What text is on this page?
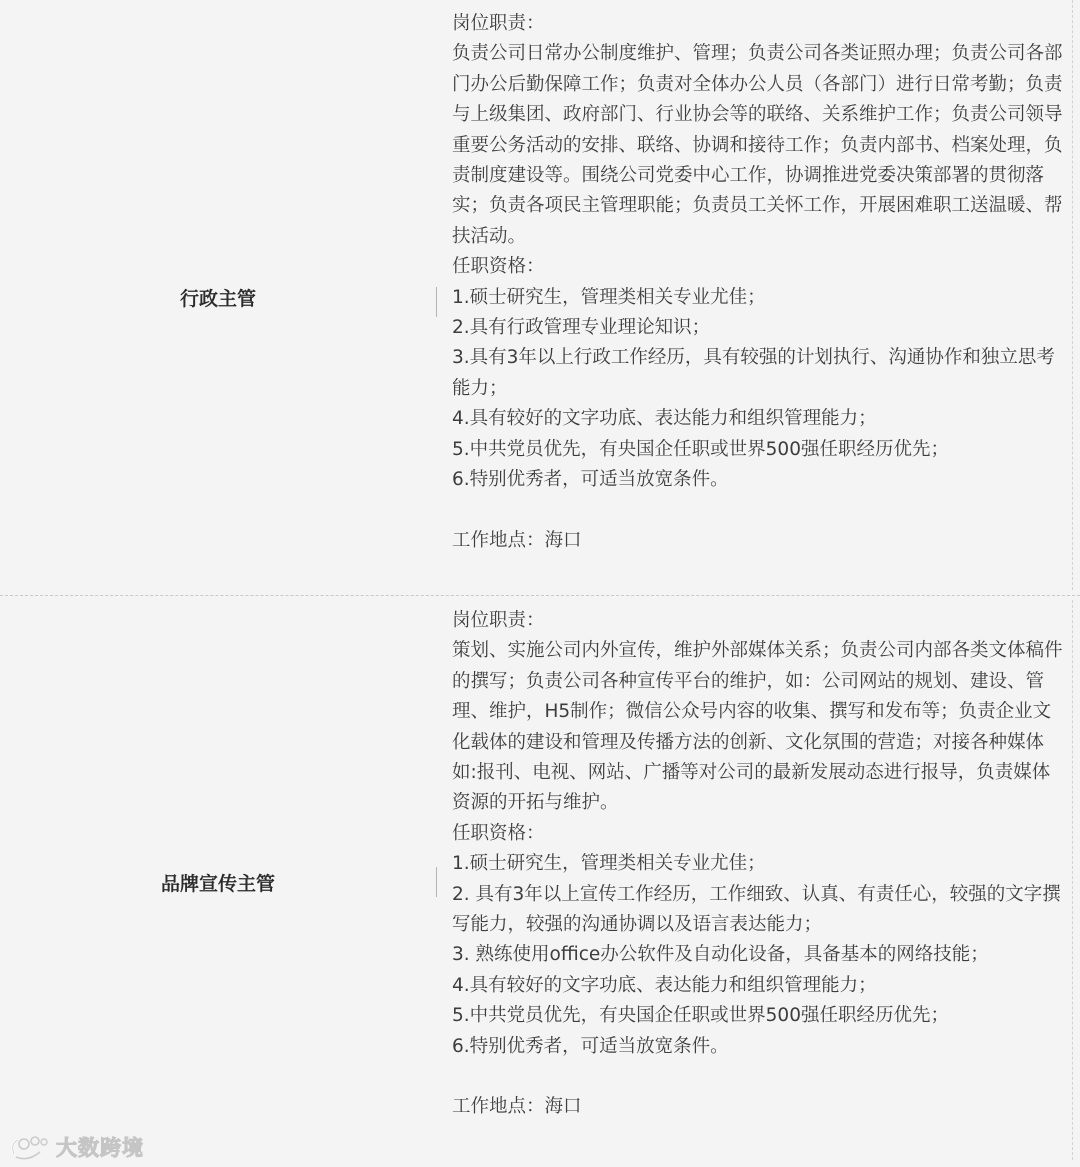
行政主管

岗位职责：

负责公司日常办公制度维护、管理；负责公司各类证照办理；负责公司各部门办公后勤保障工作；负责对全体办公人员（各部门）进行日常考勤；负责与上级集团、政府部门、行业协会等的联络、关系维护工作；负责公司领导重要公务活动的安排、联络、协调和接待工作；负责内部书、档案处理，负责制度建设等。围绕公司党委中心工作，协调推进党委决策部署的贯彻落实；负责各项民主管理职能；负责员工关怀工作，开展困难职工送温暖、帮扶活动。

任职资格：

1.硕士研究生，管理类相关专业尤佳；

2.具有行政管理专业理论知识；

3.具有3年以上行政工作经历，具有较强的计划执行、沟通协作和独立思考能力；

4.具有较好的文字功底、表达能力和组织管理能力；

5.中共党员优先，有央国企任职或世界500强任职经历优先；

6.特别优秀者，可适当放宽条件。

工作地点：海口

品牌宣传主管

岗位职责：

策划、实施公司内外宣传，维护外部媒体关系；负责公司内部各类文体稿件的撰写；负责公司各种宣传平台的维护，如：公司网站的规划、建设、管理、维护，H5制作；微信公众号内容的收集、撰写和发布等；负责企业文化载体的建设和管理及传播方法的创新、文化氛围的营造；对接各种媒体如:报刊、电视、网站、广播等对公司的最新发展动态进行报导，负责媒体资源的开拓与维护。

任职资格：

1.硕士研究生，管理类相关专业尤佳；

2. 具有3年以上宣传工作经历，工作细致、认真、有责任心，较强的文字撰写能力，较强的沟通协调以及语言表达能力；

3. 熟练使用office办公软件及自动化设备，具备基本的网络技能；

4.具有较好的文字功底、表达能力和组织管理能力；

5.中共党员优先，有央国企任职或世界500强任职经历优先；

6.特别优秀者，可适当放宽条件。

工作地点：海口

大数跨境
